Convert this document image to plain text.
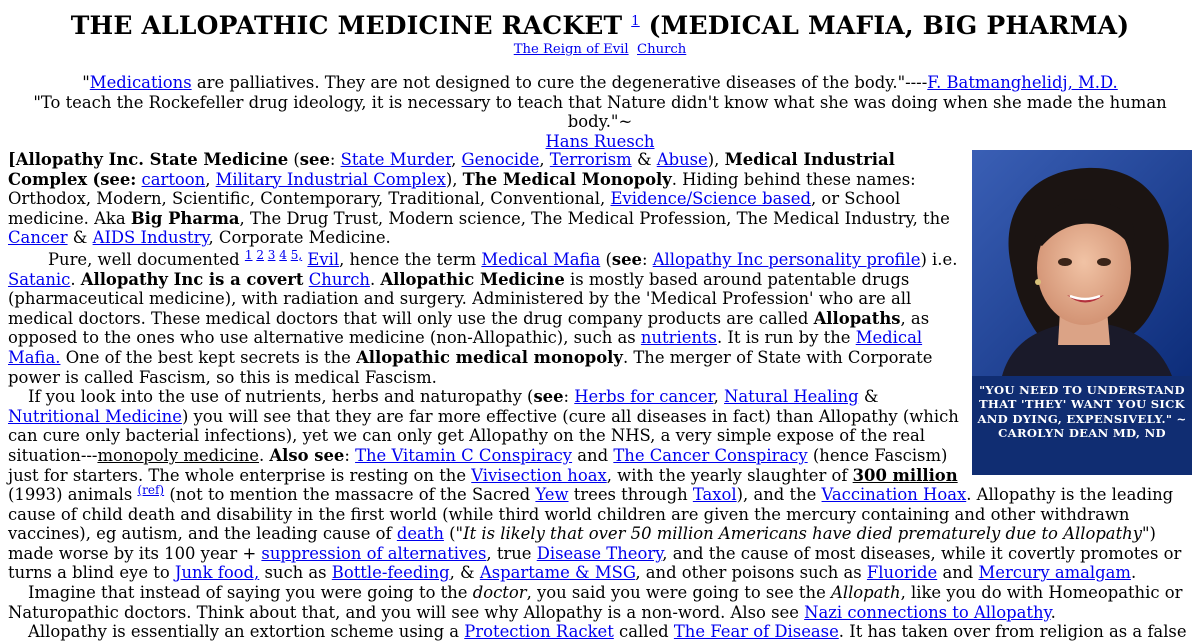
THE ALLOPATHIC MEDICINE RACKET $^1$ (MEDICAL MAFIA, BIG PHARMA)
The Reign of Evil Church

"Medications are palliatives. They are not designed to cure the degenerative diseases of the body."----F. Batmanghelidj, M.D.

"To teach the Rockefeller drug ideology, it is necessary to teach that Nature didn't know what she was doing when she made the human body."~
Hans Ruesch

"YOU NEED TO UNDERSTAND THAT 'THEY' WANT YOU SICK AND DYING, EXPENSIVELY." ~ CAROLYN DEAN MD, ND

[Allopathy Inc. State Medicine (see: State Murder, Genocide, Terrorism & Abuse), Medical Industrial Complex (see: cartoon, Military Industrial Complex), The Medical Monopoly. Hiding behind these names: Orthodox, Modern, Scientific, Contemporary, Traditional, Conventional, Evidence/Science based, or School medicine. Aka Big Pharma, The Drug Trust, Modern science, The Medical Profession, The Medical Industry, the Cancer & AIDS Industry, Corporate Medicine.

Pure, well documented $^{1 2 3 4 5,}$ Evil, hence the term Medical Mafia (see: Allopathy Inc personality profile) i.e. Satanic. Allopathy Inc is a covert Church. Allopathic Medicine is mostly based around patentable drugs (pharmaceutical medicine), with radiation and surgery. Administered by the 'Medical Profession' who are all medical doctors. These medical doctors that will only use the drug company products are called Allopaths, as opposed to the ones who use alternative medicine (non-Allopathic), such as nutrients. It is run by the Medical Mafia. One of the best kept secrets is the Allopathic medical monopoly. The merger of State with Corporate power is called Fascism, so this is medical Fascism.

If you look into the use of nutrients, herbs and naturopathy (see: Herbs for cancer, Natural Healing & Nutritional Medicine) you will see that they are far more effective (cure all diseases in fact) than Allopathy (which can cure only bacterial infections), yet we can only get Allopathy on the NHS, a very simple expose of the real situation---monopoly medicine. Also see: The Vitamin C Conspiracy and The Cancer Conspiracy (hence Fascism) just for starters. The whole enterprise is resting on the Vivisection hoax, with the yearly slaughter of 300 million (1993) animals $^{(ref)}$ (not to mention the massacre of the Sacred Yew trees through Taxol), and the Vaccination Hoax. Allopathy is the leading cause of child death and disability in the first world (while third world children are given the mercury containing and other withdrawn vaccines), eg autism, and the leading cause of death ("It is likely that over 50 million Americans have died prematurely due to Allopathy") made worse by its 100 year + suppression of alternatives, true Disease Theory, and the cause of most diseases, while it covertly promotes or turns a blind eye to Junk food, such as Bottle-feeding, & Aspartame & MSG, and other poisons such as Fluoride and Mercury amalgam.

Imagine that instead of saying you were going to the doctor, you said you were going to see the Allopath, like you do with Homeopathic or Naturopathic doctors. Think about that, and you will see why Allopathy is a non-word. Also see Nazi connections to Allopathy.

Allopathy is essentially an extortion scheme using a Protection Racket called The Fear of Disease. It has taken over from religion as a false
